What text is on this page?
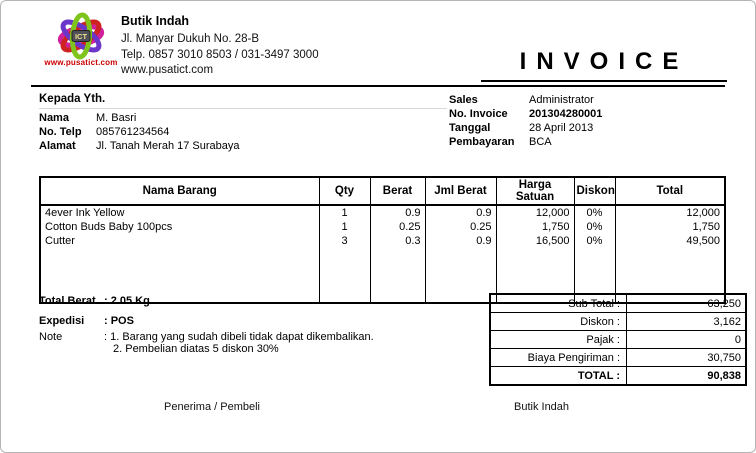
ICT
www.pusatict.com
Butik Indah
Jl. Manyar Dukuh No. 28-B
Telp. 0857 3010 8503 / 031-3497 3000
www.pusatict.com	INVOICE
Kepada Yth.
Nama	M. Basri
No. Telp	085761234564
Alamat	Jl. Tanah Merah 17 Surabaya
Sales	Administrator
No. Invoice	201304280001
Tanggal	28 April 2013
Pembayaran	BCA
Nama Barang	Qty	Berat	Jml Berat	Harga Satuan	Diskon	Total
4ever Ink Yellow	1	0.9	0.9	12,000	0%	12,000
Cotton Buds Baby 100pcs	1	0.25	0.25	1,750	0%	1,750
Cutter	3	0.3	0.9	16,500	0%	49,500

Total Berat : 2.05 Kg
Expedisi	: POS
Note	: 1. Barang yang sudah dibeli tidak dapat dikembalikan.
2. Pembelian diatas 5 diskon 30%
Sub Total :	63,250
Diskon :	3,162
Pajak :	0
Biaya Pengiriman :	30,750
TOTAL :	90,838
Penerima / Pembeli	Butik Indah
